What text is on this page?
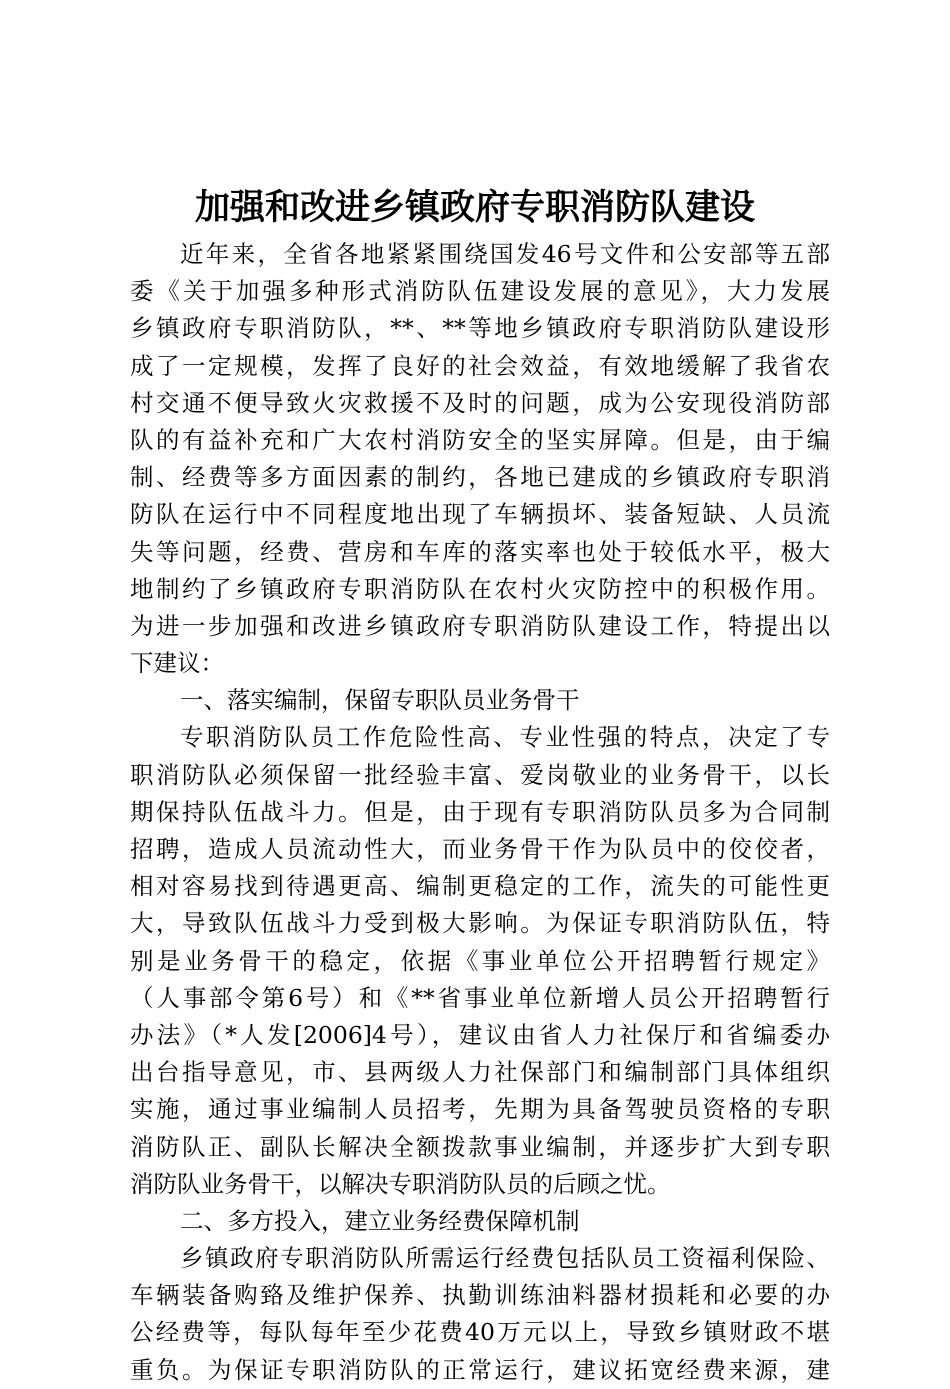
加强和改进乡镇政府专职消防队建设
近年来，全省各地紧紧围绕国发46号文件和公安部等五部
委《关于加强多种形式消防队伍建设发展的意见》，大力发展
乡镇政府专职消防队，**、**等地乡镇政府专职消防队建设形
成了一定规模，发挥了良好的社会效益，有效地缓解了我省农
村交通不便导致火灾救援不及时的问题，成为公安现役消防部
队的有益补充和广大农村消防安全的坚实屏障。但是，由于编
制、经费等多方面因素的制约，各地已建成的乡镇政府专职消
防队在运行中不同程度地出现了车辆损坏、装备短缺、人员流
失等问题，经费、营房和车库的落实率也处于较低水平，极大
地制约了乡镇政府专职消防队在农村火灾防控中的积极作用。
为进一步加强和改进乡镇政府专职消防队建设工作，特提出以
下建议：
一、落实编制，保留专职队员业务骨干
专职消防队员工作危险性高、专业性强的特点，决定了专
职消防队必须保留一批经验丰富、爱岗敬业的业务骨干，以长
期保持队伍战斗力。但是，由于现有专职消防队员多为合同制
招聘，造成人员流动性大，而业务骨干作为队员中的佼佼者，
相对容易找到待遇更高、编制更稳定的工作，流失的可能性更
大，导致队伍战斗力受到极大影响。为保证专职消防队伍，特
别是业务骨干的稳定，依据《事业单位公开招聘暂行规定》
（人事部令第6号）和《**省事业单位新增人员公开招聘暂行
办法》（*人发[2006]4号），建议由省人力社保厅和省编委办
出台指导意见，市、县两级人力社保部门和编制部门具体组织
实施，通过事业编制人员招考，先期为具备驾驶员资格的专职
消防队正、副队长解决全额拨款事业编制，并逐步扩大到专职
消防队业务骨干，以解决专职消防队员的后顾之忧。
二、多方投入，建立业务经费保障机制
乡镇政府专职消防队所需运行经费包括队员工资福利保险、
车辆装备购臵及维护保养、执勤训练油料器材损耗和必要的办
公经费等，每队每年至少花费40万元以上，导致乡镇财政不堪
重负。为保证专职消防队的正常运行，建议拓宽经费来源，建
